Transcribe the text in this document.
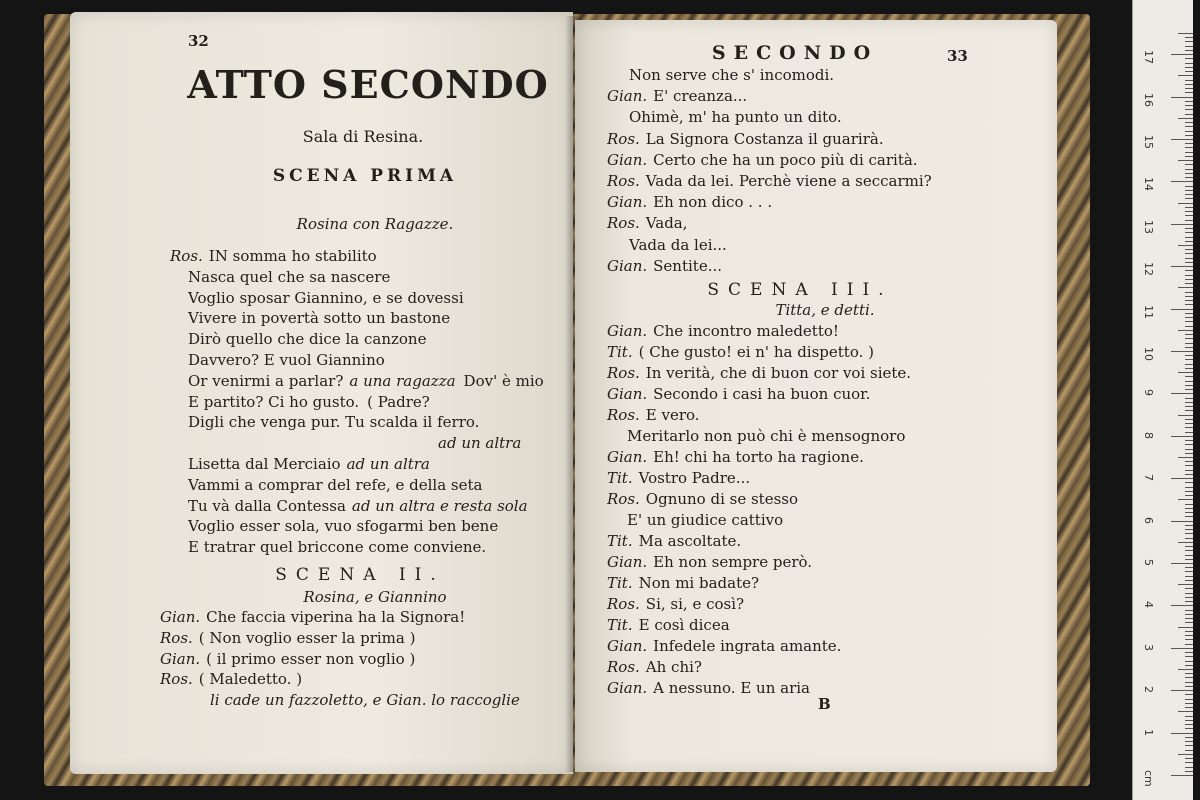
32
ATTO SECONDO
Sala di Resina.
SCENA PRIMA
Rosina con Ragazze.
Ros. IN somma ho stabilito
Nasca quel che sa nascere
Voglio sposar Giannino, e se dovessi
Vivere in povertà sotto un bastone
Dirò quello che dice la canzone
Davvero? E vuol Giannino
Or venirmi a parlar? a una ragazza Dov' è mio
E partito? Ci ho gusto. ( Padre?
Digli che venga pur. Tu scalda il ferro.
ad un altra
Lisetta dal Merciaio ad un altra
Vammi a comprar del refe, e della seta
Tu và dalla Contessa ad un altra e resta sola
Voglio esser sola, vuo sfogarmi ben bene
E tratrar quel briccone come conviene.
SCENA II.
Rosina, e Giannino
Gian. Che faccia viperina ha la Signora!
Ros. ( Non voglio esser la prima )
Gian. ( il primo esser non voglio )
Ros. ( Maledetto. )
li cade un fazzoletto, e Gian. lo raccoglie
SECONDO	33
Non serve che s' incomodi.
Gian. E' creanza...
Ohimè, m' ha punto un dito.
Ros. La Signora Costanza il guarirà.
Gian. Certo che ha un poco più di carità.
Ros. Vada da lei. Perchè viene a seccarmi?
Gian. Eh non dico . . .
Ros. Vada,
Vada da lei...
Gian. Sentite...
SCENA III.
Titta, e detti.
Gian. Che incontro maledetto!
Tit. ( Che gusto! ei n' ha dispetto. )
Ros. In verità, che di buon cor voi siete.
Gian. Secondo i casi ha buon cuor.
Ros. E vero.
Meritarlo non può chi è mensognoro
Gian. Eh! chi ha torto ha ragione.
Tit. Vostro Padre...
Ros. Ognuno di se stesso
E' un giudice cattivo
Tit. Ma ascoltate.
Gian. Eh non sempre però.
Tit. Non mi badate?
Ros. Si, si, e così?
Tit. E così dicea
Gian. Infedele ingrata amante.
Ros. Ah chi?
Gian. A nessuno. E un aria
B
cm
1
2
3
4
5
6
7
8
9
10
11
12
13
14
15
16
17
